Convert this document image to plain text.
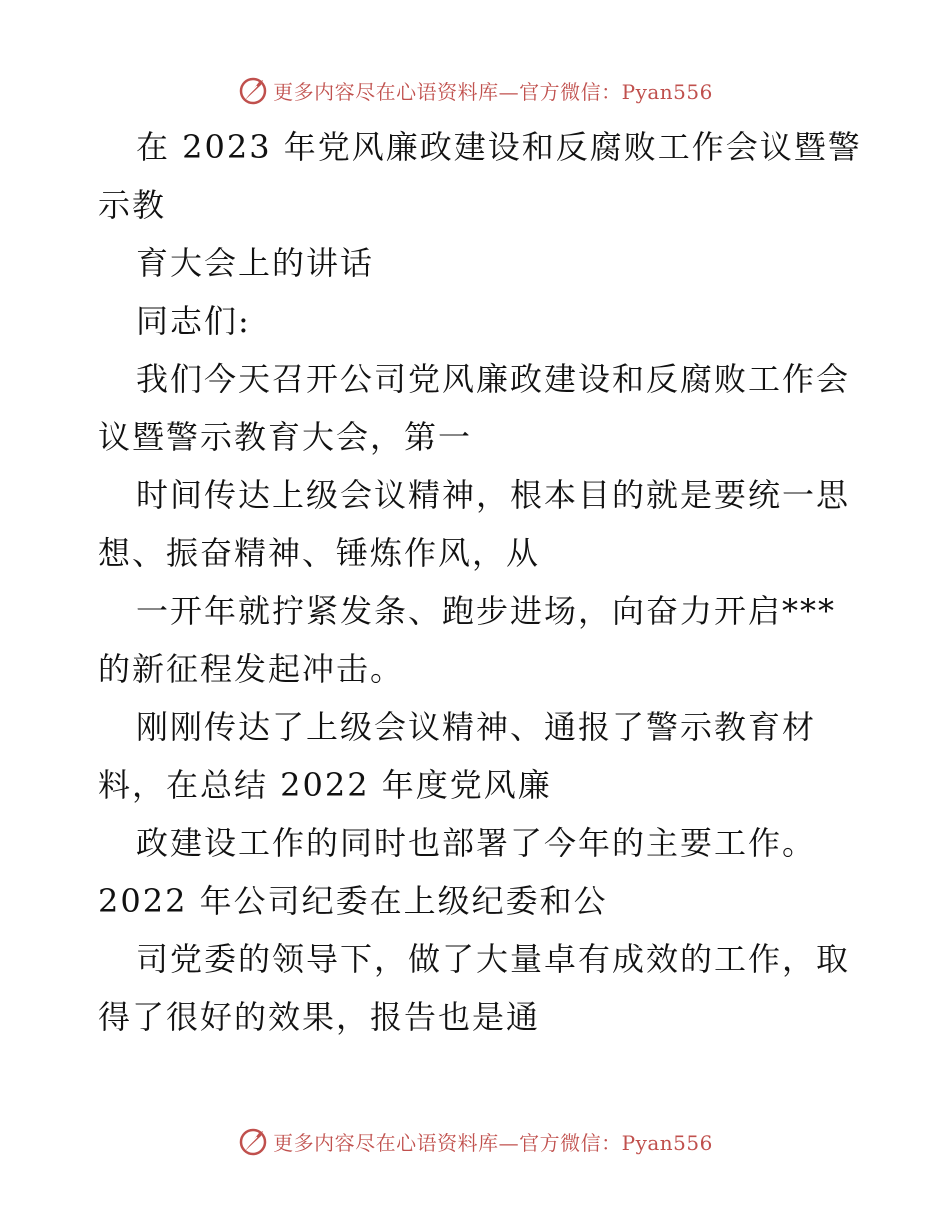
更多内容尽在心语资料库—官方微信：Pyan556
在 2023 年党风廉政建设和反腐败工作会议暨警
示教
育大会上的讲话
同志们:
我们今天召开公司党风廉政建设和反腐败工作会
议暨警示教育大会，第一
时间传达上级会议精神，根本目的就是要统一思
想、振奋精神、锤炼作风，从
一开年就拧紧发条、跑步进场，向奋力开启***
的新征程发起冲击。
刚刚传达了上级会议精神、通报了警示教育材
料，在总结 2022 年度党风廉
政建设工作的同时也部署了今年的主要工作。
2022 年公司纪委在上级纪委和公
司党委的领导下，做了大量卓有成效的工作，取
得了很好的效果，报告也是通
更多内容尽在心语资料库—官方微信：Pyan556
